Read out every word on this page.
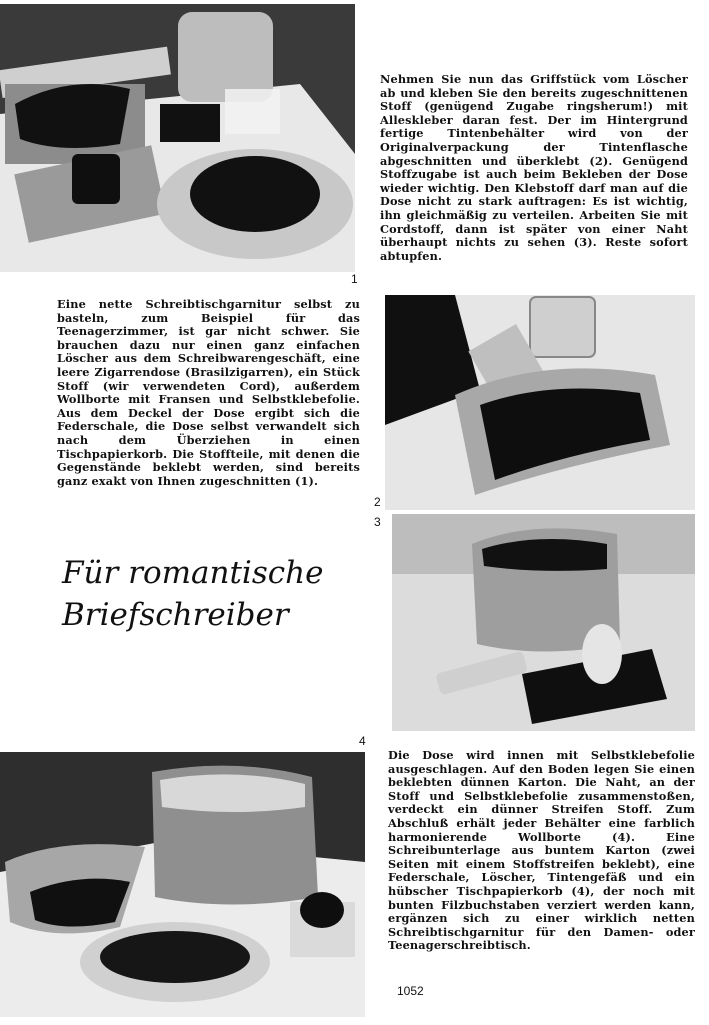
1

Nehmen Sie nun das Griffstück vom Löscher ab und kleben Sie den bereits zugeschnittenen Stoff (genügend Zugabe ringsherum!) mit Alleskleber daran fest. Der im Hintergrund fertige Tintenbehälter wird von der Originalverpackung der Tintenflasche abgeschnitten und überklebt (2). Genügend Stoffzugabe ist auch beim Bekleben der Dose wieder wichtig. Den Klebstoff darf man auf die Dose nicht zu stark auftragen: Es ist wichtig, ihn gleichmäßig zu verteilen. Arbeiten Sie mit Cordstoff, dann ist später von einer Naht überhaupt nichts zu sehen (3). Reste sofort abtupfen.

Eine nette Schreibtischgarnitur selbst zu basteln, zum Beispiel für das Teenagerzimmer, ist gar nicht schwer. Sie brauchen dazu nur einen ganz einfachen Löscher aus dem Schreibwarengeschäft, eine leere Zigarrendose (Brasilzigarren), ein Stück Stoff (wir verwendeten Cord), außerdem Wollborte mit Fransen und Selbstklebefolie. Aus dem Deckel der Dose ergibt sich die Federschale, die Dose selbst verwandelt sich nach dem Überziehen in einen Tischpapierkorb. Die Stoffteile, mit denen die Gegenstände beklebt werden, sind bereits ganz exakt von Ihnen zugeschnitten (1).

2
3
Für romantische
Briefschreiber
4

Die Dose wird innen mit Selbstklebefolie ausgeschlagen. Auf den Boden legen Sie einen beklebten dünnen Karton. Die Naht, an der Stoff und Selbstklebefolie zusammenstoßen, verdeckt ein dünner Streifen Stoff. Zum Abschluß erhält jeder Behälter eine farblich harmonierende Wollborte (4). Eine Schreibunterlage aus buntem Karton (zwei Seiten mit einem Stoffstreifen beklebt), eine Federschale, Löscher, Tintengefäß und ein hübscher Tischpapierkorb (4), der noch mit bunten Filzbuchstaben verziert werden kann, ergänzen sich zu einer wirklich netten Schreibtischgarnitur für den Damen- oder Teenagerschreibtisch.

1052
